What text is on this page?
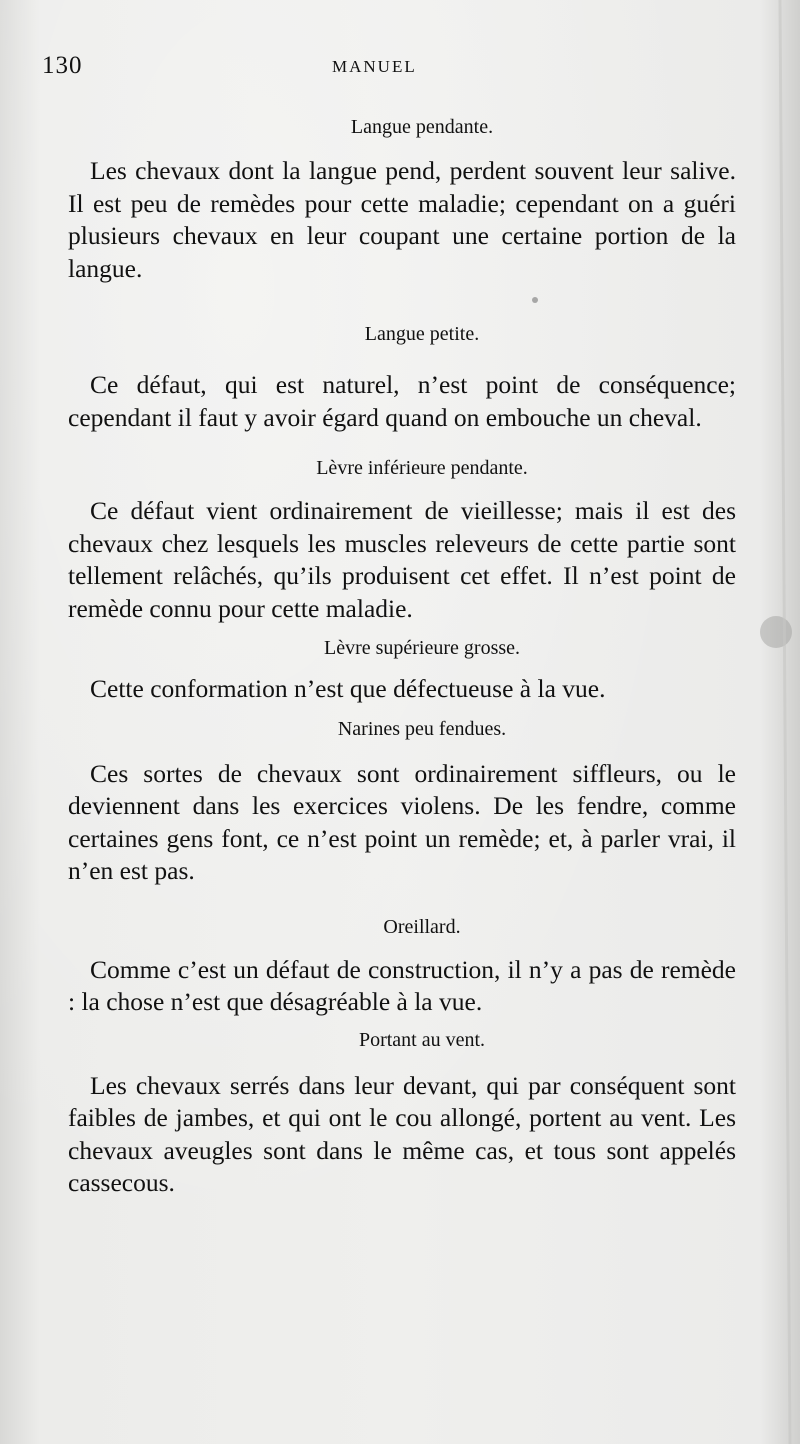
130	MANUEL

Langue pendante.

Les chevaux dont la langue pend, perdent souvent leur salive. Il est peu de remèdes pour cette maladie; cependant on a guéri plusieurs chevaux en leur coupant une certaine portion de la langue.

Langue petite.

Ce défaut, qui est naturel, n’est point de conséquence; cependant il faut y avoir égard quand on embouche un cheval.

Lèvre inférieure pendante.

Ce défaut vient ordinairement de vieillesse; mais il est des chevaux chez lesquels les muscles releveurs de cette partie sont tellement relâchés, qu’ils produisent cet effet. Il n’est point de remède connu pour cette maladie.

Lèvre supérieure grosse.

Cette conformation n’est que défectueuse à la vue.

Narines peu fendues.

Ces sortes de chevaux sont ordinairement siffleurs, ou le deviennent dans les exercices violens. De les fendre, comme certaines gens font, ce n’est point un remède; et, à parler vrai, il n’en est pas.

Oreillard.

Comme c’est un défaut de construction, il n’y a pas de remède : la chose n’est que désagréable à la vue.

Portant au vent.

Les chevaux serrés dans leur devant, qui par conséquent sont faibles de jambes, et qui ont le cou allongé, portent au vent. Les chevaux aveugles sont dans le même cas, et tous sont appelés cassecous.
